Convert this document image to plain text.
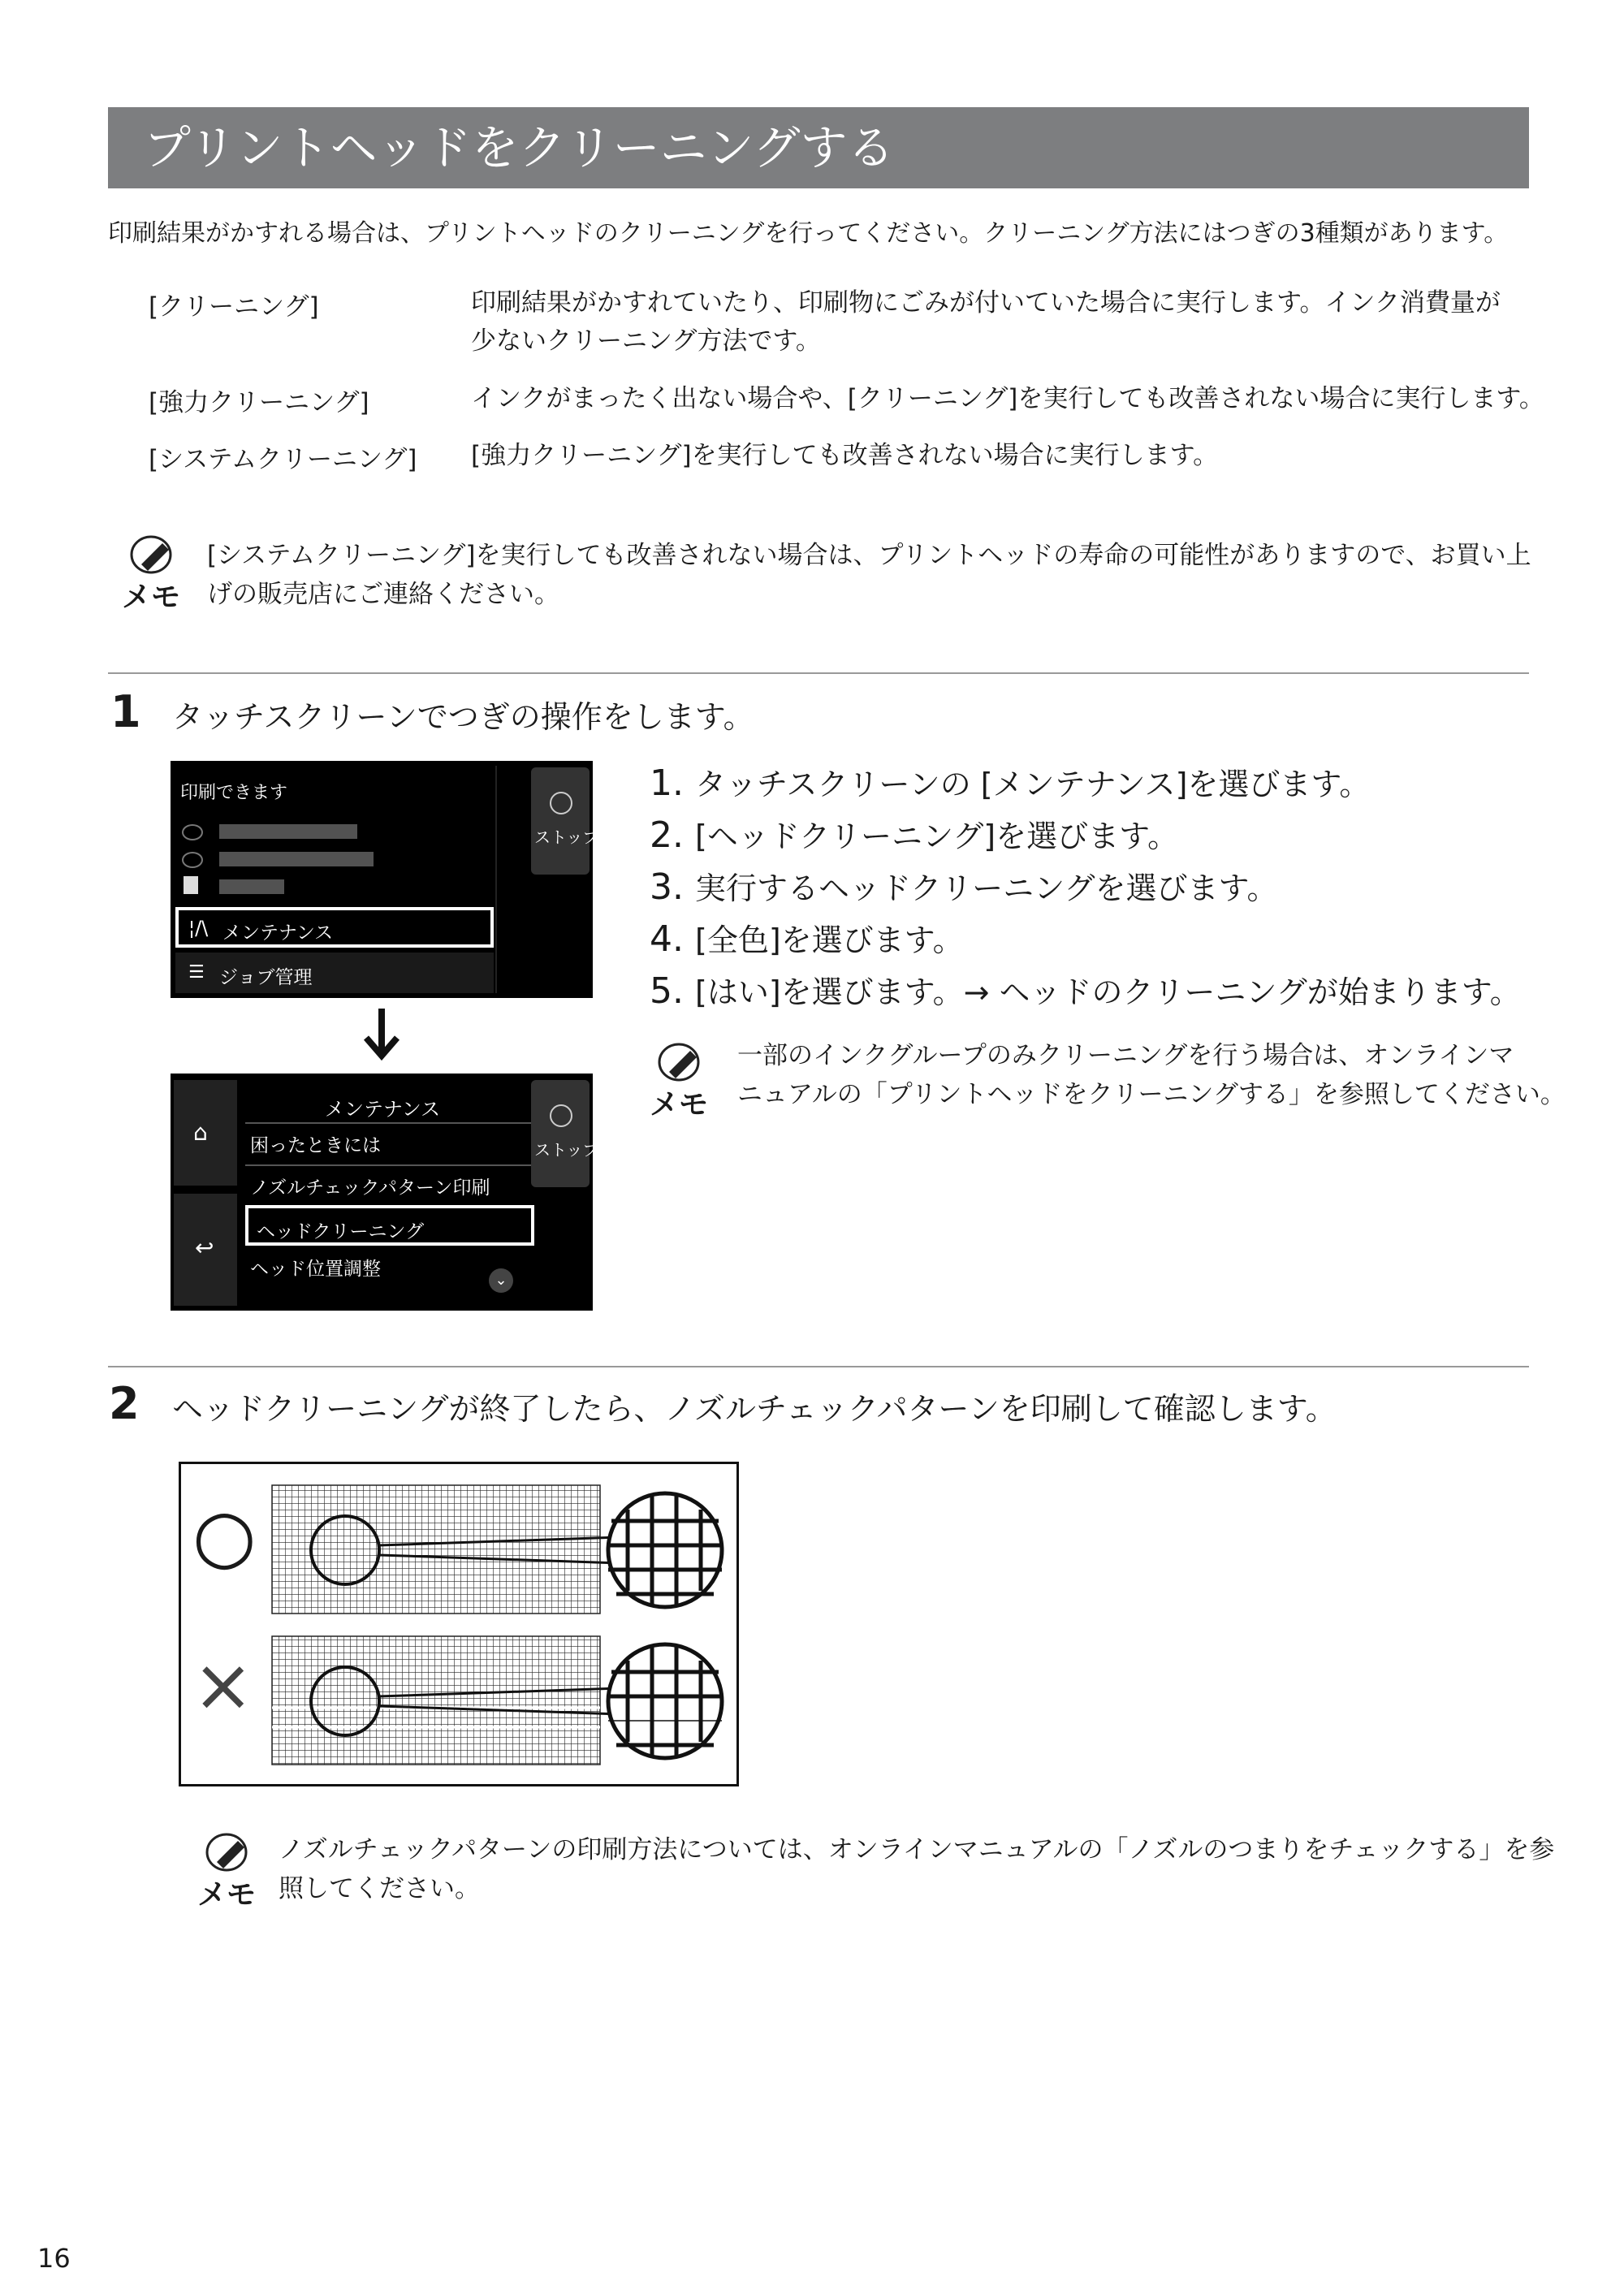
プリントヘッドをクリーニングする
印刷結果がかすれる場合は、プリントヘッドのクリーニングを行ってください。クリーニング方法にはつぎの3種類があります。
[クリーニング]	印刷結果がかすれていたり、印刷物にごみが付いていた場合に実行します。インク消費量が
少ないクリーニング方法です。
[強力クリーニング]	インクがまったく出ない場合や、[クリーニング]を実行しても改善されない場合に実行します。
[システムクリーニング] [強力クリーニング]を実行しても改善されない場合に実行します。
メモ
[システムクリーニング]を実行しても改善されない場合は、プリントヘッドの寿命の可能性がありますので、お買い上
げの販売店にご連絡ください。
1 タッチスクリーンでつぎの操作をします。
印刷できます
¦/\ メンテナンス
☰ ジョブ管理
ストップ
⌂
↩
メンテナンス
困ったときには
ノズルチェックパターン印刷
ヘッドクリーニング
ヘッド位置調整
⌄
ストップ
1. タッチスクリーンの [メンテナンス]を選びます。
2. [ヘッドクリーニング]を選びます。
3. 実行するヘッドクリーニングを選びます。
4. [全色]を選びます。
5. [はい]を選びます。→ ヘッドのクリーニングが始まります。
メモ
一部のインクグループのみクリーニングを行う場合は、オンラインマ
ニュアルの「プリントヘッドをクリーニングする」を参照してください。
2 ヘッドクリーニングが終了したら、ノズルチェックパターンを印刷して確認します。
○
×
メモ
ノズルチェックパターンの印刷方法については、オンラインマニュアルの「ノズルのつまりをチェックする」を参
照してください。
16
